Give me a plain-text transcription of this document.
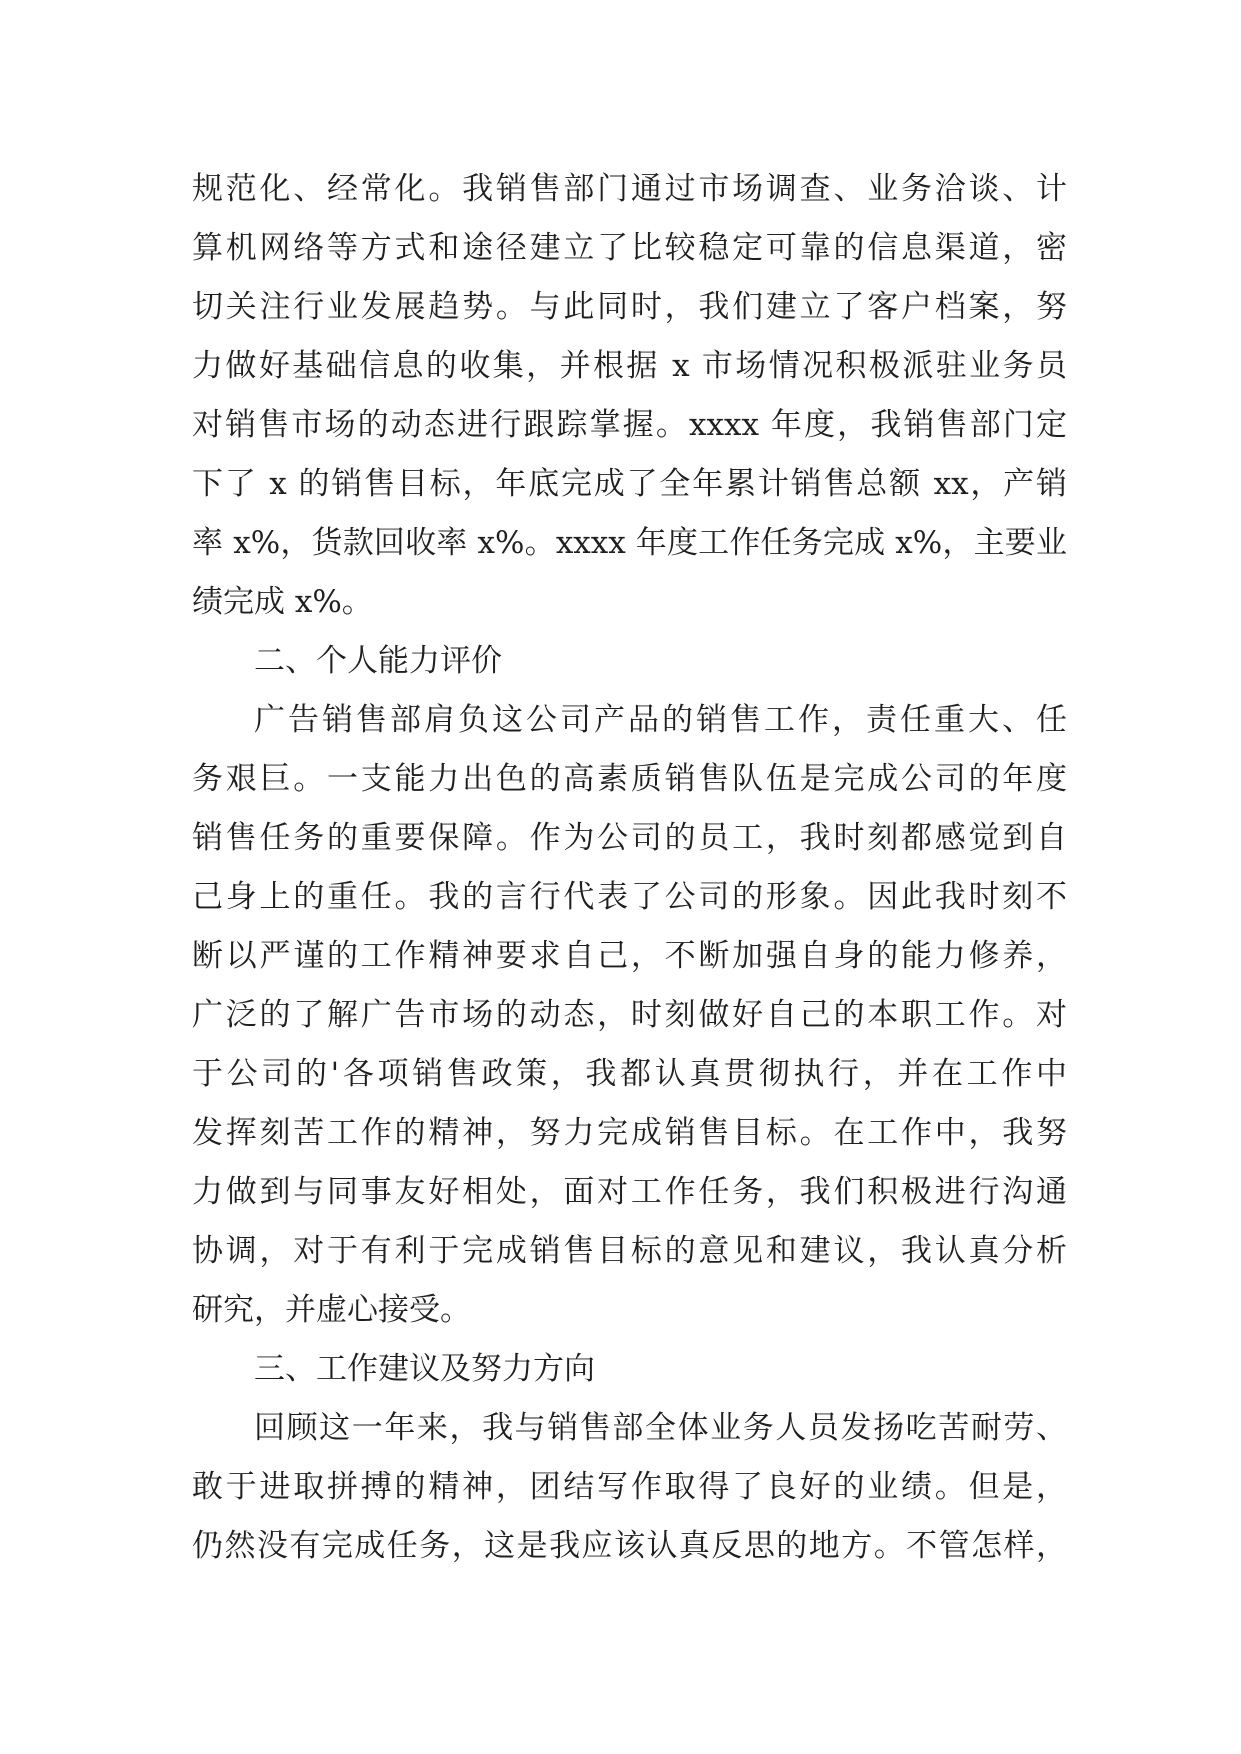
规范化、经常化。我销售部门通过市场调查、业务洽谈、计
算机网络等方式和途径建立了比较稳定可靠的信息渠道，密
切关注行业发展趋势。与此同时，我们建立了客户档案，努
力做好基础信息的收集，并根据 x 市场情况积极派驻业务员
对销售市场的动态进行跟踪掌握。xxxx 年度，我销售部门定
下了 x 的销售目标，年底完成了全年累计销售总额 xx，产销
率 x%，货款回收率 x%。xxxx 年度工作任务完成 x%，主要业
绩完成 x%。
二、个人能力评价
广告销售部肩负这公司产品的销售工作，责任重大、任
务艰巨。一支能力出色的高素质销售队伍是完成公司的年度
销售任务的重要保障。作为公司的员工，我时刻都感觉到自
己身上的重任。我的言行代表了公司的形象。因此我时刻不
断以严谨的工作精神要求自己，不断加强自身的能力修养，
广泛的了解广告市场的动态，时刻做好自己的本职工作。对
于公司的'各项销售政策，我都认真贯彻执行，并在工作中
发挥刻苦工作的精神，努力完成销售目标。在工作中，我努
力做到与同事友好相处，面对工作任务，我们积极进行沟通
协调，对于有利于完成销售目标的意见和建议，我认真分析
研究，并虚心接受。
三、工作建议及努力方向
回顾这一年来，我与销售部全体业务人员发扬吃苦耐劳、
敢于进取拼搏的精神，团结写作取得了良好的业绩。但是，
仍然没有完成任务，这是我应该认真反思的地方。不管怎样，
